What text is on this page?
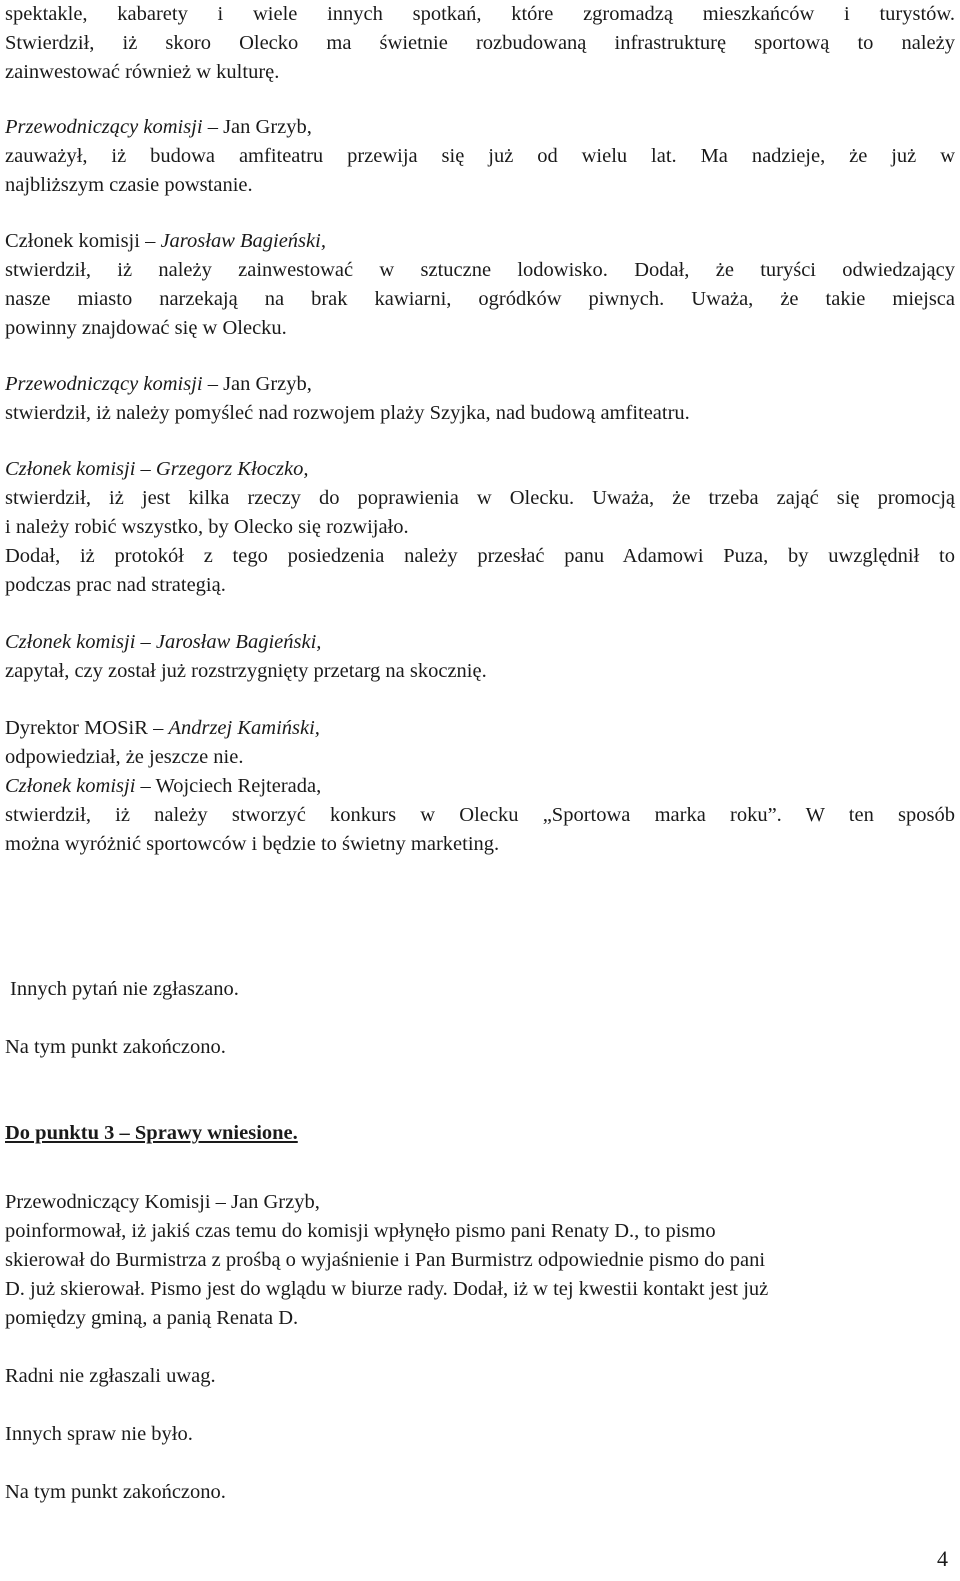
spektakle, kabarety i wiele innych spotkań, które zgromadzą mieszkańców i turystów.

Stwierdził, iż skoro Olecko ma świetnie rozbudowaną infrastrukturę sportową to należy

zainwestować również w kulturę.

Przewodniczący komisji – Jan Grzyb,

zauważył, iż budowa amfiteatru przewija się już od wielu lat. Ma nadzieje, że już w

najbliższym czasie powstanie.

Członek komisji – Jarosław Bagieński,

stwierdził, iż należy zainwestować w sztuczne lodowisko. Dodał, że turyści odwiedzający

nasze miasto narzekają na brak kawiarni, ogródków piwnych. Uważa, że takie miejsca

powinny znajdować się w Olecku.

Przewodniczący komisji – Jan Grzyb,

stwierdził, iż należy pomyśleć nad rozwojem plaży Szyjka, nad budową amfiteatru.

Członek komisji – Grzegorz Kłoczko,

stwierdził, iż jest kilka rzeczy do poprawienia w Olecku. Uważa, że trzeba zająć się promocją

i należy robić wszystko, by Olecko się rozwijało.

Dodał, iż protokół z tego posiedzenia należy przesłać panu Adamowi Puza, by uwzględnił to

podczas prac nad strategią.

Członek komisji – Jarosław Bagieński,

zapytał, czy został już rozstrzygnięty przetarg na skocznię.

Dyrektor MOSiR – Andrzej Kamiński,

odpowiedział, że jeszcze nie.

Członek komisji – Wojciech Rejterada,

stwierdził, iż należy stworzyć konkurs w Olecku „Sportowa marka roku”. W ten sposób

można wyróżnić sportowców i będzie to świetny marketing.

Innych pytań nie zgłaszano.

Na tym punkt zakończono.

Do punktu 3 – Sprawy wniesione.

Przewodniczący Komisji – Jan Grzyb,

poinformował, iż jakiś czas temu do komisji wpłynęło pismo pani Renaty D., to pismo

skierował do Burmistrza z prośbą o wyjaśnienie i Pan Burmistrz odpowiednie pismo do pani

D. już skierował. Pismo jest do wglądu w biurze rady. Dodał, iż w tej kwestii kontakt jest już

pomiędzy gminą, a panią Renata D.

Radni nie zgłaszali uwag.

Innych spraw nie było.

Na tym punkt zakończono.

4
